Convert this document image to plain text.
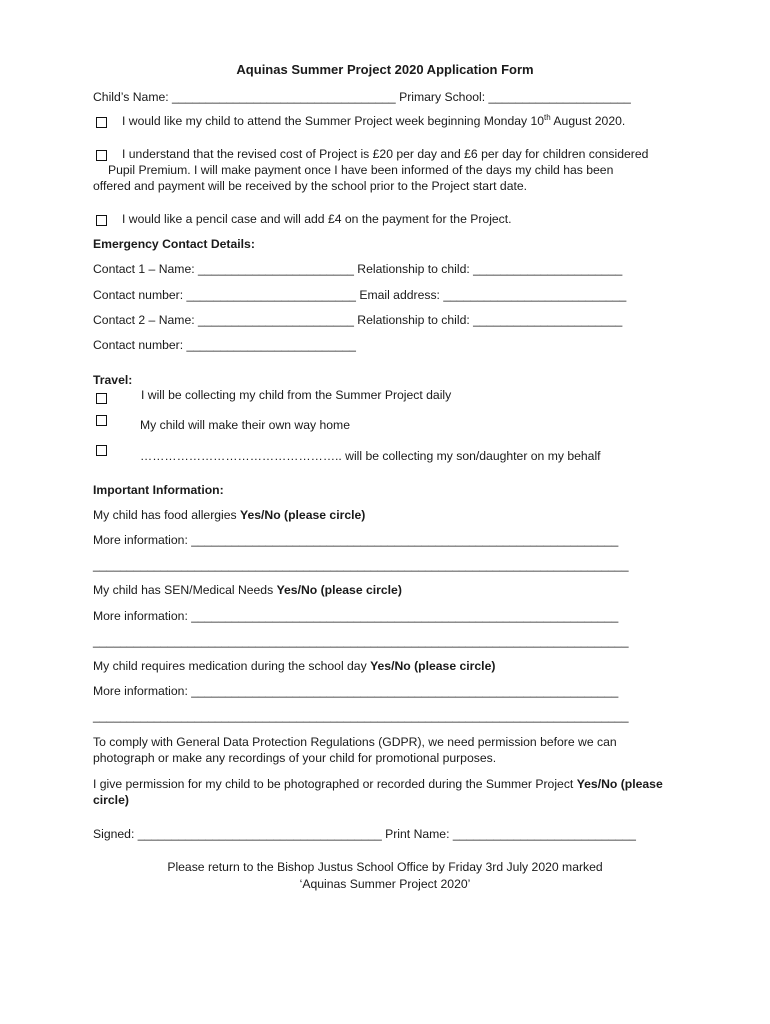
Aquinas Summer Project 2020 Application Form
Child’s Name: _________________________________ Primary School: _____________________
I would like my child to attend the Summer Project week beginning Monday 10th August 2020.
I understand that the revised cost of Project is £20 per day and £6 per day for children considered
Pupil Premium. I will make payment once I have been informed of the days my child has been
offered and payment will be received by the school prior to the Project start date.
I would like a pencil case and will add £4 on the payment for the Project.
Emergency Contact Details:
Contact 1 – Name: _______________________ Relationship to child: ______________________
Contact number: _________________________ Email address: ___________________________
Contact 2 – Name: _______________________ Relationship to child: ______________________
Contact number: _________________________
Travel:
I will be collecting my child from the Summer Project daily
My child will make their own way home
………………………………………….. will be collecting my son/daughter on my behalf
Important Information:
My child has food allergies Yes/No (please circle)
More information: _______________________________________________________________
_______________________________________________________________________________
My child has SEN/Medical Needs Yes/No (please circle)
More information: _______________________________________________________________
_______________________________________________________________________________
My child requires medication during the school day Yes/No (please circle)
More information: _______________________________________________________________
_______________________________________________________________________________
To comply with General Data Protection Regulations (GDPR), we need permission before we can
photograph or make any recordings of your child for promotional purposes.
I give permission for my child to be photographed or recorded during the Summer Project Yes/No (please
circle)
Signed: ____________________________________ Print Name: ___________________________
Please return to the Bishop Justus School Office by Friday 3rd July 2020 marked
‘Aquinas Summer Project 2020’
